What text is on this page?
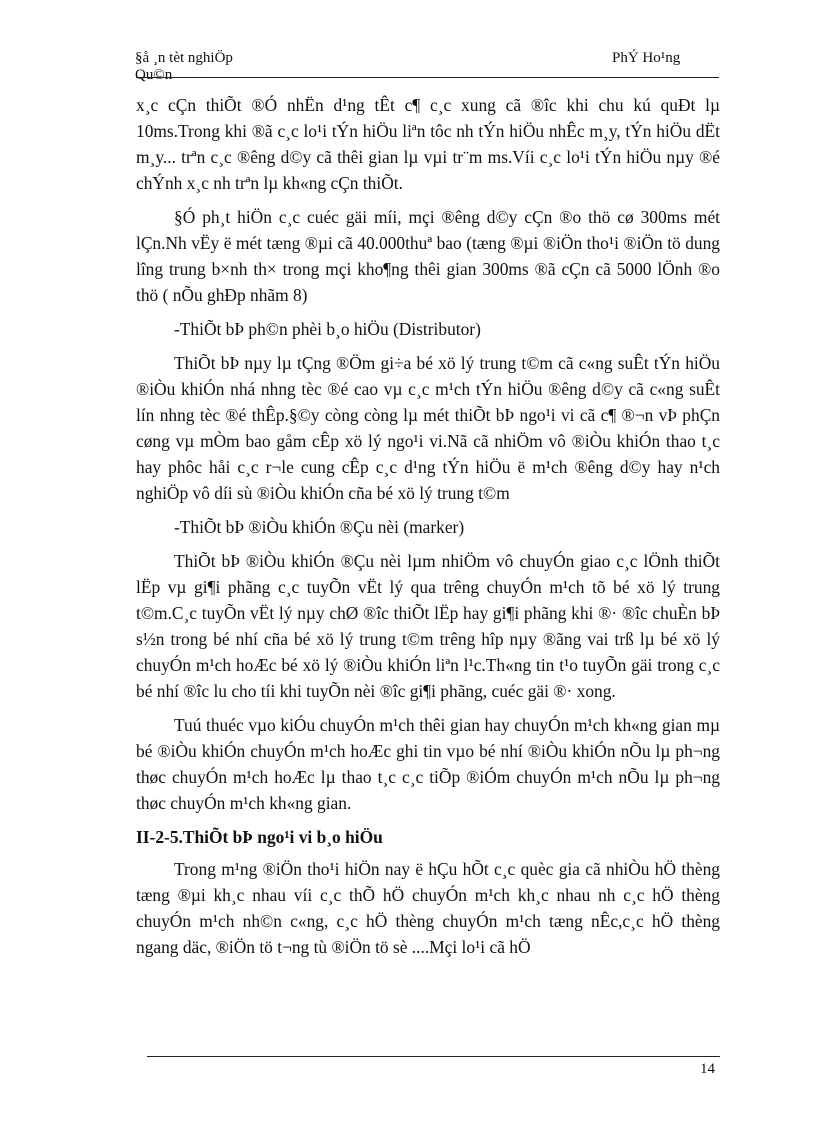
§å ¸n tèt nghiÖp
Qu©n
PhÝ Ho¹ng

x¸c cÇn thiÕt ®Ó nhËn d¹ng tÊt c¶ c¸c xung cã ®îc khi chu kú quÐt lµ 10ms.Trong khi ®ã c¸c lo¹i tÝn hiÖu liªn tôc nh tÝn hiÖu nhÊc m¸y, tÝn hiÖu dËt m¸y... trªn c¸c ®êng d©y cã thêi gian lµ vµi tr¨m ms.Víi c¸c lo¹i tÝn hiÖu nµy ®é chÝnh x¸c nh trªn lµ kh«ng cÇn thiÕt.

§Ó ph¸t hiÖn c¸c cuéc gäi míi, mçi ®êng d©y cÇn ®o thö cø 300ms mét lÇn.Nh vËy ë mét tæng ®µi cã 40.000thuª bao (tæng ®µi ®iÖn tho¹i ®iÖn tö dung lîng trung b×nh th× trong mçi kho¶ng thêi gian 300ms ®ã cÇn cã 5000 lÖnh ®o thö ( nÕu ghÐp nhãm 8)

-ThiÕt bÞ ph©n phèi b¸o hiÖu (Distributor)

ThiÕt bÞ nµy lµ tÇng ®Öm gi÷a bé xö lý trung t©m cã c«ng suÊt tÝn hiÖu ®iÒu khiÓn nhá nhng tèc ®é cao vµ c¸c m¹ch tÝn hiÖu ®êng d©y cã c«ng suÊt lín nhng tèc ®é thÊp.§©y còng còng lµ mét thiÕt bÞ ngo¹i vi cã c¶ ®¬n vÞ phÇn cøng vµ mÒm bao gåm cÊp xö lý ngo¹i vi.Nã cã nhiÖm vô ®iÒu khiÓn thao t¸c hay phôc håi c¸c r¬le cung cÊp c¸c d¹ng tÝn hiÖu ë m¹ch ®êng d©y hay n¹ch nghiÖp vô díi sù ®iÒu khiÓn cña bé xö lý trung t©m

-ThiÕt bÞ ®iÒu khiÓn ®Çu nèi (marker)

ThiÕt bÞ ®iÒu khiÓn ®Çu nèi lµm nhiÖm vô chuyÓn giao c¸c lÖnh thiÕt lËp vµ gi¶i phãng c¸c tuyÕn vËt lý qua trêng chuyÓn m¹ch tõ bé xö lý trung t©m.C¸c tuyÕn vËt lý nµy chØ ®îc thiÕt lËp hay gi¶i phãng khi ®· ®îc chuÈn bÞ s½n trong bé nhí cña bé xö lý trung t©m trêng hîp nµy ®ãng vai trß lµ bé xö lý chuyÓn m¹ch hoÆc bé xö lý ®iÒu khiÓn liªn l¹c.Th«ng tin t¹o tuyÕn gäi trong c¸c bé nhí ®îc lu cho tíi khi tuyÕn nèi ®îc gi¶i phãng, cuéc gäi ®· xong.

Tuú thuéc vµo kiÓu chuyÓn m¹ch thêi gian hay chuyÓn m¹ch kh«ng gian mµ bé ®iÒu khiÓn chuyÓn m¹ch hoÆc ghi tin vµo bé nhí ®iÒu khiÓn nÕu lµ ph¬ng thøc chuyÓn m¹ch hoÆc lµ thao t¸c c¸c tiÕp ®iÓm chuyÓn m¹ch nÕu lµ ph¬ng thøc chuyÓn m¹ch kh«ng gian.

II-2-5.ThiÕt bÞ ngo¹i vi b¸o hiÖu

Trong m¹ng ®iÖn tho¹i hiÖn nay ë hÇu hÕt c¸c quèc gia cã nhiÒu hÖ thèng tæng ®µi kh¸c nhau víi c¸c thÕ hÖ chuyÓn m¹ch kh¸c nhau nh c¸c hÖ thèng chuyÓn m¹ch nh©n c«ng, c¸c hÖ thèng chuyÓn m¹ch tæng nÊc,c¸c hÖ thèng ngang däc, ®iÖn tö t¬ng tù ®iÖn tö sè ....Mçi lo¹i cã hÖ

14
